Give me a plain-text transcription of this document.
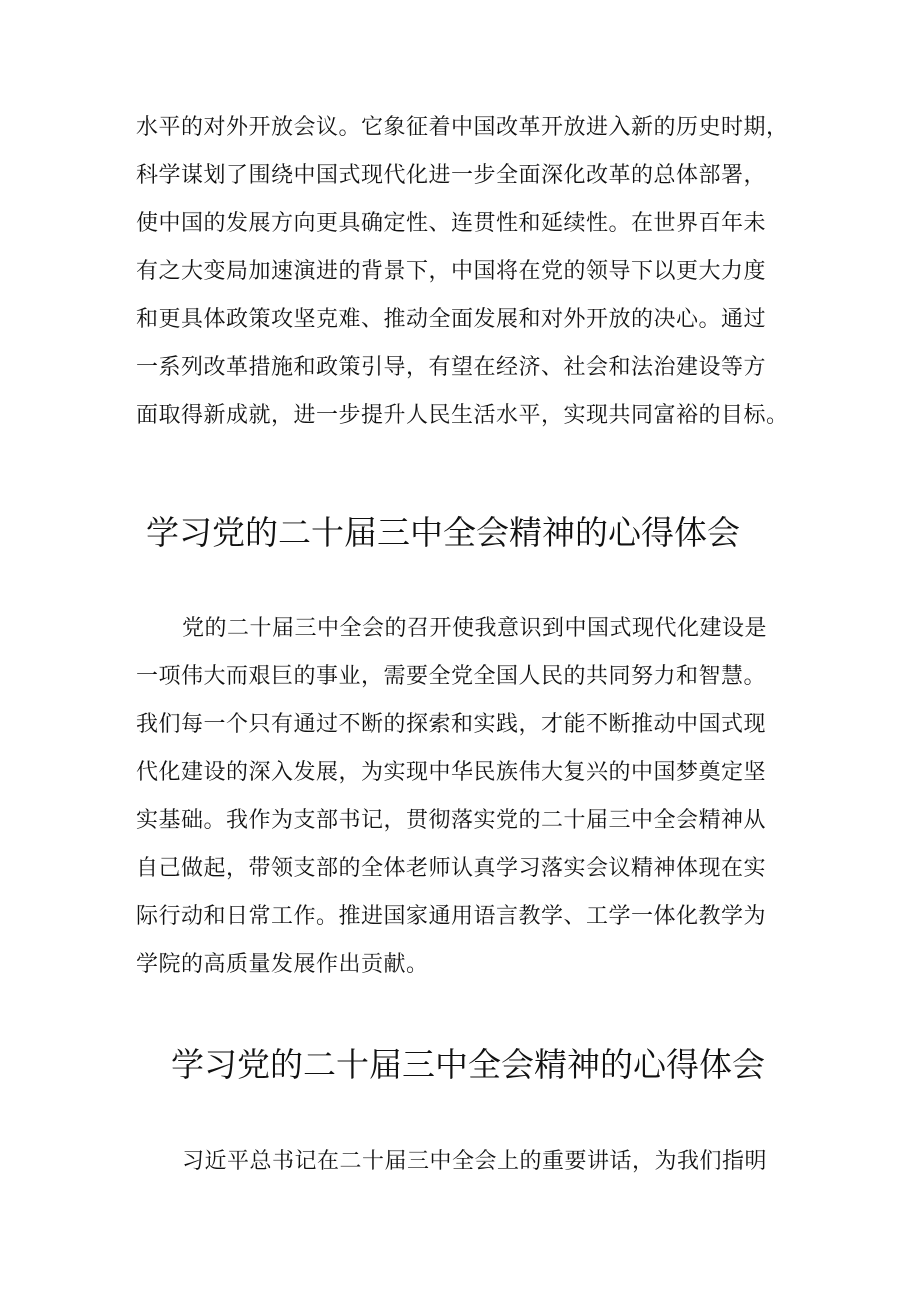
水平的对外开放会议。它象征着中国改革开放进入新的历史时期，
科学谋划了围绕中国式现代化进一步全面深化改革的总体部署，
使中国的发展方向更具确定性、连贯性和延续性。在世界百年未
有之大变局加速演进的背景下，中国将在党的领导下以更大力度
和更具体政策攻坚克难、推动全面发展和对外开放的决心。通过
一系列改革措施和政策引导，有望在经济、社会和法治建设等方
面取得新成就，进一步提升人民生活水平，实现共同富裕的目标。
学习党的二十届三中全会精神的心得体会
党的二十届三中全会的召开使我意识到中国式现代化建设是
一项伟大而艰巨的事业，需要全党全国人民的共同努力和智慧。
我们每一个只有通过不断的探索和实践，才能不断推动中国式现
代化建设的深入发展，为实现中华民族伟大复兴的中国梦奠定坚
实基础。我作为支部书记，贯彻落实党的二十届三中全会精神从
自己做起，带领支部的全体老师认真学习落实会议精神体现在实
际行动和日常工作。推进国家通用语言教学、工学一体化教学为
学院的高质量发展作出贡献。
学习党的二十届三中全会精神的心得体会
习近平总书记在二十届三中全会上的重要讲话，为我们指明
